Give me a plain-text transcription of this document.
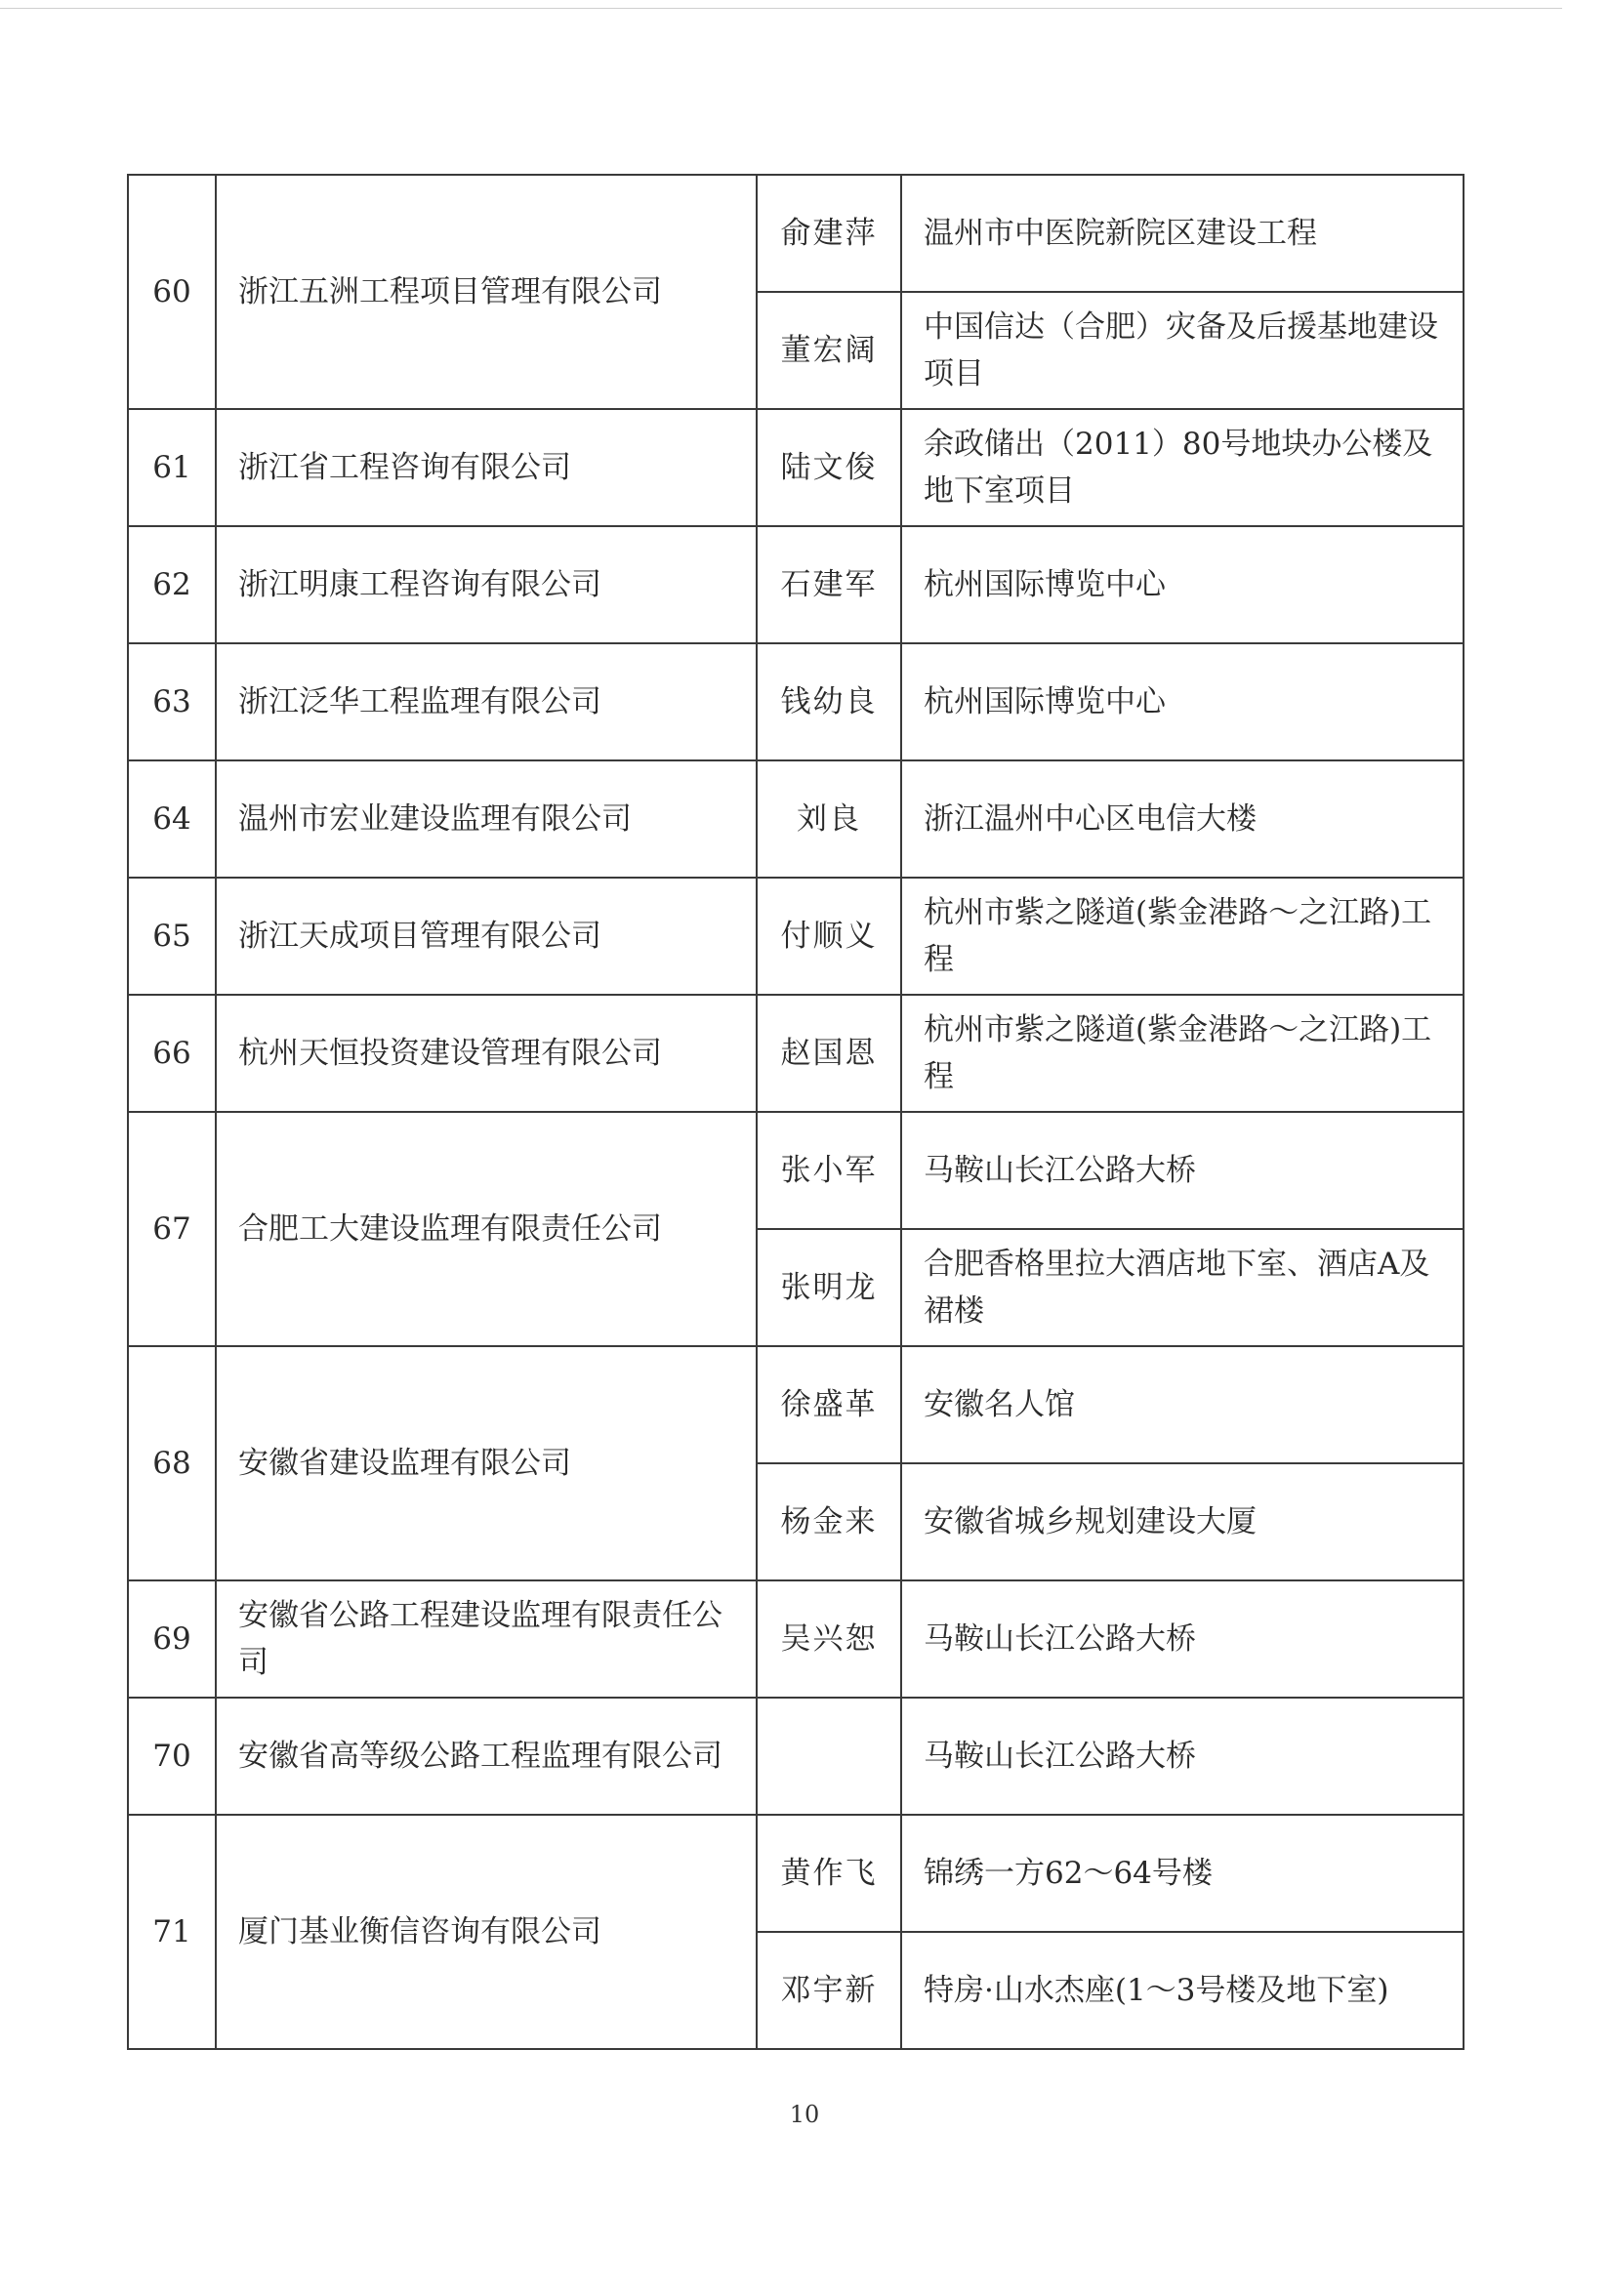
60	浙江五洲工程项目管理有限公司	俞建萍	温州市中医院新院区建设工程
		董宏阔	中国信达（合肥）灾备及后援基地建设项目
61	浙江省工程咨询有限公司	陆文俊	余政储出（2011）80号地块办公楼及地下室项目
62	浙江明康工程咨询有限公司	石建军	杭州国际博览中心
63	浙江泛华工程监理有限公司	钱幼良	杭州国际博览中心
64	温州市宏业建设监理有限公司	刘良	浙江温州中心区电信大楼
65	浙江天成项目管理有限公司	付顺义	杭州市紫之隧道(紫金港路～之江路)工程
66	杭州天恒投资建设管理有限公司	赵国恩	杭州市紫之隧道(紫金港路～之江路)工程
67	合肥工大建设监理有限责任公司	张小军	马鞍山长江公路大桥
		张明龙	合肥香格里拉大酒店地下室、酒店A及裙楼
68	安徽省建设监理有限公司	徐盛革	安徽名人馆
		杨金来	安徽省城乡规划建设大厦
69	安徽省公路工程建设监理有限责任公司	吴兴恕	马鞍山长江公路大桥
70	安徽省高等级公路工程监理有限公司		马鞍山长江公路大桥
71	厦门基业衡信咨询有限公司	黄作飞	锦绣一方62～64号楼
		邓宇新	特房·山水杰座(1～3号楼及地下室)
10
